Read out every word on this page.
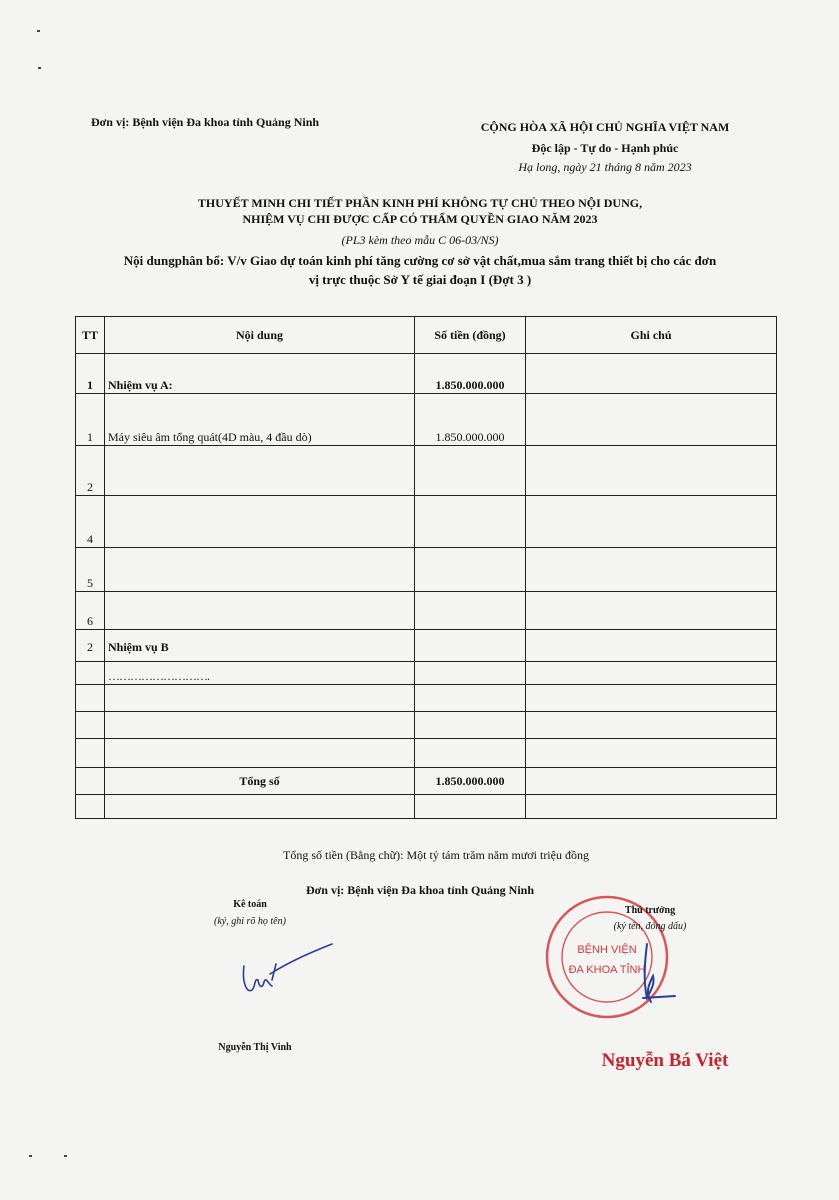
Đơn vị: Bệnh viện Đa khoa tỉnh Quảng Ninh	CỘNG HÒA XÃ HỘI CHỦ NGHĨA VIỆT NAM
Độc lập - Tự do - Hạnh phúc
Hạ long, ngày 21 tháng 8 năm 2023
THUYẾT MINH CHI TIẾT PHẦN KINH PHÍ KHÔNG TỰ CHỦ THEO NỘI DUNG,
NHIỆM VỤ CHI ĐƯỢC CẤP CÓ THẨM QUYỀN GIAO NĂM 2023
(PL3 kèm theo mẫu C 06-03/NS)
Nội dungphân bổ: V/v Giao dự toán kinh phí tăng cường cơ sở vật chất,mua sắm trang thiết bị cho các đơn
vị trực thuộc Sở Y tế giai đoạn I (Đợt 3 )
TT	Nội dung	Số tiền (đồng)	Ghi chú
1	Nhiệm vụ A:	1.850.000.000	
1	Máy siêu âm tổng quát(4D màu, 4 đầu dò)	1.850.000.000	
2			
4			
5			
6			
2	Nhiệm vụ B		
	……………………….		

	Tổng số	1.850.000.000	

Tổng số tiền (Bằng chữ): Một tỷ tám trăm năm mươi triệu đồng
Đơn vị: Bệnh viện Đa khoa tỉnh Quảng Ninh
Kê toán
(ký, ghi rõ họ tên)
Nguyễn Thị Vinh
BỆNH VIỆN
ĐA KHOA TỈNH
Thủ trưởng
(ký tên, đóng dấu)
Nguyễn Bá Việt
